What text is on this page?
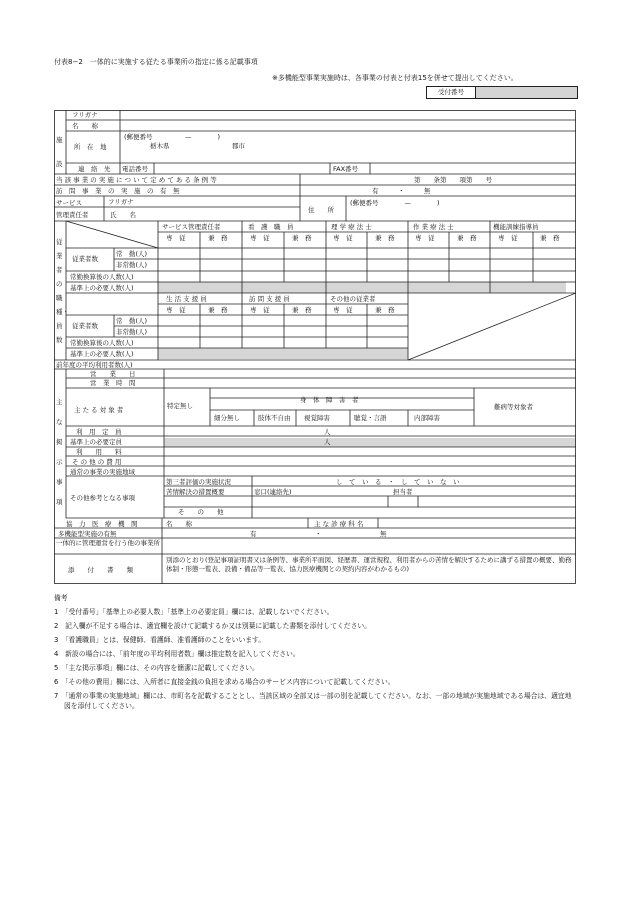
付表8−2　一体的に実施する従たる事業所の指定に係る記載事項
※多機能型事業実施時は、各事業の付表と付表15を併せて提出してください。
受付番号
施設
フリガナ
名　　称
所　在　地
(郵便番号　　　　　—　　　　)
栃木県	郡市
連　絡　先 電話番号	FAX番号
当 該 事 業 の 実 施 に つ い て 定 め て あ る 条 例 等	第　　条第　　項第　　号
訪　問　事　業　の　実　施　の　有　無	有　　　・　　　無
サービス
管理責任者
フリガナ
氏　　名
住　　所
(郵便番号　　　　—　　　　)
従業者の職種・員数
サービス管理責任者	看　護　職　員	理 学 療 法 士	作 業 療 法 士	機能訓練指導員
専　従	兼　務	専　従	兼　務	専　従	兼　務	専　従	兼　務	専　従	兼　務
従業者数
常　勤(人)
非常勤(人)
常勤換算後の人数(人)
基準上の必要人数(人)
生 活 支 援 員	訪 問 支 援 員	その他の従業者
専　従	兼　務	専　従	兼　務	専　従	兼　務
従業者数
常　勤(人)
非常勤(人)
常勤換算後の人数(人)
基準上の必要人数(人)
前年度の平均利用者数(人)
主な掲示事項
営　　業　　日
営　業　時　間
主 た る 対 象 者	特定無し
身　体　障　害　者
細分無し	肢体不自由 視覚障害	聴覚・言語	内部障害
難病等対象者
利　用　定　員	人
基準上の必要定員	人
利　　用　　料
そ の 他 の 費 用
通常の事業の実施地域
その他参考となる事項
第三者評価の実施状況	し　て　い　る　・　し　て　い　な　い
苦情解決の措置概要	窓口(連絡先)	担当者
そ　　の　　他
協　力　医　療　機　関	名　　称	主 な 診 療 科 名
多機能型実施の有無	有　　　　　　　　　・　　　　　　　　　無
一体的に管理運営を行う他の事業所
添　　付　　書　　類
別添のとおり(登記事項証明書又は条例等、事業所平面図、経歴書、運営規程、利用者からの苦情を解決するために講ずる措置の概要、勤務体制・形態一覧表、設備・備品等一覧表、協力医療機関との契約内容がわかるもの)
備考
1　「受付番号」「基準上の必要人数」「基準上の必要定員」欄には、記載しないでください。
2　記入欄が不足する場合は、適宜欄を設けて記載するか又は別葉に記載した書類を添付してください。
3　「看護職員」とは、保健師、看護師、准看護師のことをいいます。
4　新設の場合には、「前年度の平均利用者数」欄は推定数を記入してください。
5　「主な掲示事項」欄には、その内容を簡潔に記載してください。
6　「その他の費用」欄には、入所者に直接金銭の負担を求める場合のサービス内容について記載してください。
7　「通常の事業の実施地域」欄には、市町名を記載することとし、当該区域の全部又は一部の別を記載してください。なお、一部の地域が実施地域である場合は、適宜地図を添付してください。
